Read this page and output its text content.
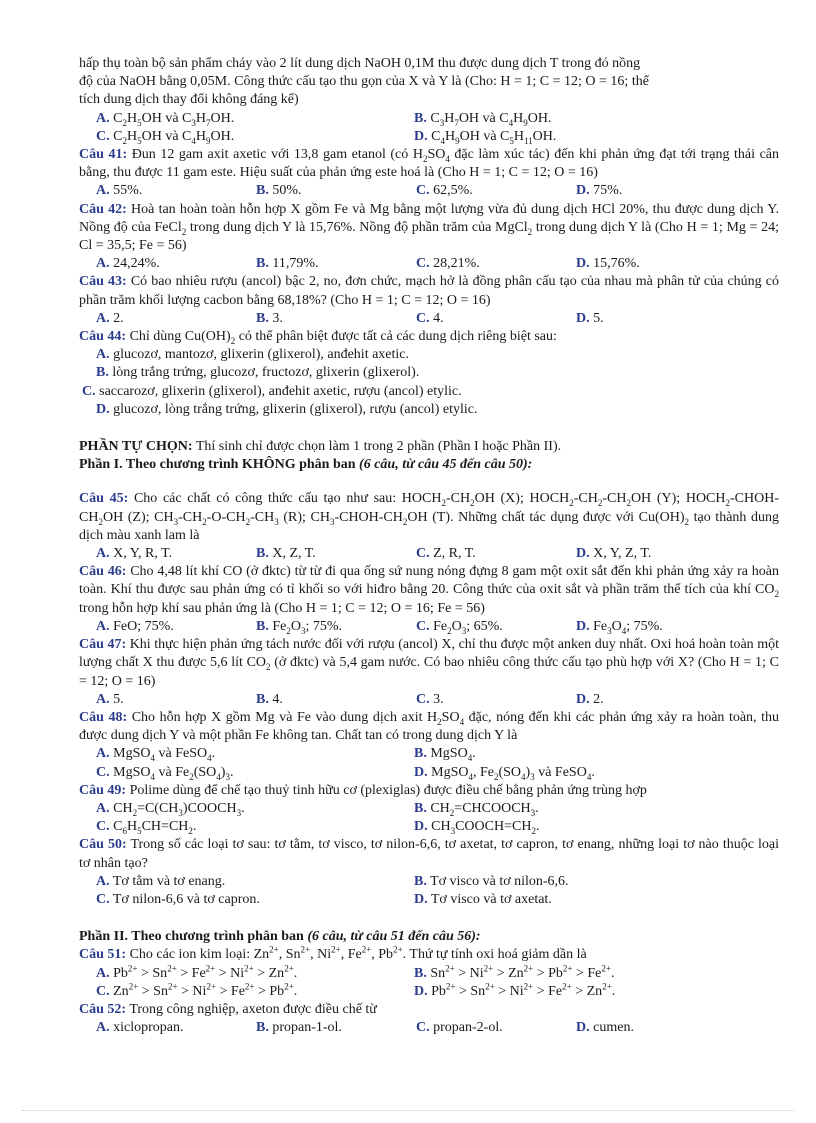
hấp thụ toàn bộ sản phẩm cháy vào 2 lít dung dịch NaOH 0,1M thu được dung dịch T trong đó nồng

độ của NaOH bằng 0,05M. Công thức cấu tạo thu gọn của X và Y là (Cho: H = 1; C = 12; O = 16; thể

tích dung dịch thay đổi không đáng kể)

A. $C_2H_5OH$ và $C_3H_7OH$.	B. $C_3H_7OH$ và $C_4H_9OH$.
C. $C_2H_5OH$ và $C_4H_9OH$.	D. $C_4H_9OH$ và $C_5H_{11}OH$.

Câu 41: Đun 12 gam axit axetic với 13,8 gam etanol (có $H_2SO_4$ đặc làm xúc tác) đến khi phản ứng đạt tới trạng thái cân bằng, thu được 11 gam este. Hiệu suất của phản ứng este hoá là (Cho H = 1; C = 12; O = 16)

A. 55%.	B. 50%.	C. 62,5%.	D. 75%.

Câu 42: Hoà tan hoàn toàn hỗn hợp X gồm Fe và Mg bằng một lượng vừa đủ dung dịch HCl 20%, thu được dung dịch Y. Nồng độ của FeCl$_2$ trong dung dịch Y là 15,76%. Nồng độ phần trăm của MgCl$_2$ trong dung dịch Y là (Cho H = 1; Mg = 24; Cl = 35,5; Fe = 56)

A. 24,24%.	B. 11,79%.	C. 28,21%.	D. 15,76%.

Câu 43: Có bao nhiêu rượu (ancol) bậc 2, no, đơn chức, mạch hở là đồng phân cấu tạo của nhau mà phân tử của chúng có phần trăm khối lượng cacbon bằng 68,18%? (Cho H = 1; C = 12; O = 16)

A. 2.	B. 3.	C. 4.	D. 5.

Câu 44: Chỉ dùng $Cu(OH)_2$ có thể phân biệt được tất cả các dung dịch riêng biệt sau:

A. glucozơ, mantozơ, glixerin (glixerol), anđehit axetic.
B. lòng trắng trứng, glucozơ, fructozơ, glixerin (glixerol).
C. saccarozơ, glixerin (glixerol), anđehit axetic, rượu (ancol) etylic.
D. glucozơ, lòng trắng trứng, glixerin (glixerol), rượu (ancol) etylic.

PHẦN TỰ CHỌN: Thí sinh chỉ được chọn làm 1 trong 2 phần (Phần I hoặc Phần II).

Phần I. Theo chương trình KHÔNG phân ban (6 câu, từ câu 45 đến câu 50):

Câu 45: Cho các chất có công thức cấu tạo như sau: $HOCH_2-CH_2OH$ (X); $HOCH_2-CH_2-CH_2OH$ (Y); $HOCH_2-CHOH-CH_2OH$ (Z); $CH_3-CH_2-O-CH_2-CH_3$ (R); $CH_3-CHOH-CH_2OH$ (T). Những chất tác dụng được với $Cu(OH)_2$ tạo thành dung dịch màu xanh lam là

A. X, Y, R, T.	B. X, Z, T.	C. Z, R, T.	D. X, Y, Z, T.

Câu 46: Cho 4,48 lít khí CO (ở đktc) từ từ đi qua ống sứ nung nóng đựng 8 gam một oxit sắt đến khi phản ứng xảy ra hoàn toàn. Khí thu được sau phản ứng có tỉ khối so với hiđro bằng 20. Công thức của oxit sắt và phần trăm thể tích của khí $CO_2$ trong hỗn hợp khí sau phản ứng là (Cho H = 1; C = 12; O = 16; Fe = 56)

A. FeO; 75%.	B. $Fe_2O_3$; 75%.	C. $Fe_2O_3$; 65%.	D. $Fe_3O_4$; 75%.

Câu 47: Khi thực hiện phản ứng tách nước đối với rượu (ancol) X, chỉ thu được một anken duy nhất. Oxi hoá hoàn toàn một lượng chất X thu được 5,6 lít $CO_2$ (ở đktc) và 5,4 gam nước. Có bao nhiêu công thức cấu tạo phù hợp với X? (Cho H = 1; C = 12; O = 16)

A. 5.	B. 4.	C. 3.	D. 2.

Câu 48: Cho hỗn hợp X gồm Mg và Fe vào dung dịch axit $H_2SO_4$ đặc, nóng đến khi các phản ứng xảy ra hoàn toàn, thu được dung dịch Y và một phần Fe không tan. Chất tan có trong dung dịch Y là

A. MgSO$_4$ và FeSO$_4$.	B. MgSO$_4$.
C. MgSO$_4$ và $Fe_2(SO_4)_3$.	D. MgSO$_4$, $Fe_2(SO_4)_3$ và FeSO$_4$.

Câu 49: Polime dùng để chế tạo thuỷ tinh hữu cơ (plexiglas) được điều chế bằng phản ứng trùng hợp

A. $CH_2=C(CH_3)COOCH_3$.	B. $CH_2=CHCOOCH_3$.
C. $C_6H_5CH=CH_2$.	D. $CH_3COOCH=CH_2$.

Câu 50: Trong số các loại tơ sau: tơ tằm, tơ visco, tơ nilon-6,6, tơ axetat, tơ capron, tơ enang, những loại tơ nào thuộc loại tơ nhân tạo?

A. Tơ tằm và tơ enang.	B. Tơ visco và tơ nilon-6,6.
C. Tơ nilon-6,6 và tơ capron.	D. Tơ visco và tơ axetat.

Phần II. Theo chương trình phân ban (6 câu, từ câu 51 đến câu 56):

Câu 51: Cho các ion kim loại: $Zn^{2+}$, $Sn^{2+}$, $Ni^{2+}$, $Fe^{2+}$, $Pb^{2+}$. Thứ tự tính oxi hoá giảm dần là

A. $Pb^{2+} > Sn^{2+} > Fe^{2+} > Ni^{2+} > Zn^{2+}$.	B. $Sn^{2+} > Ni^{2+} > Zn^{2+} > Pb^{2+} > Fe^{2+}$.
C. $Zn^{2+} > Sn^{2+} > Ni^{2+} > Fe^{2+} > Pb^{2+}$.	D. $Pb^{2+} > Sn^{2+} > Ni^{2+} > Fe^{2+} > Zn^{2+}$.

Câu 52: Trong công nghiệp, axeton được điều chế từ

A. xiclopropan.	B. propan-1-ol.	C. propan-2-ol.	D. cumen.
